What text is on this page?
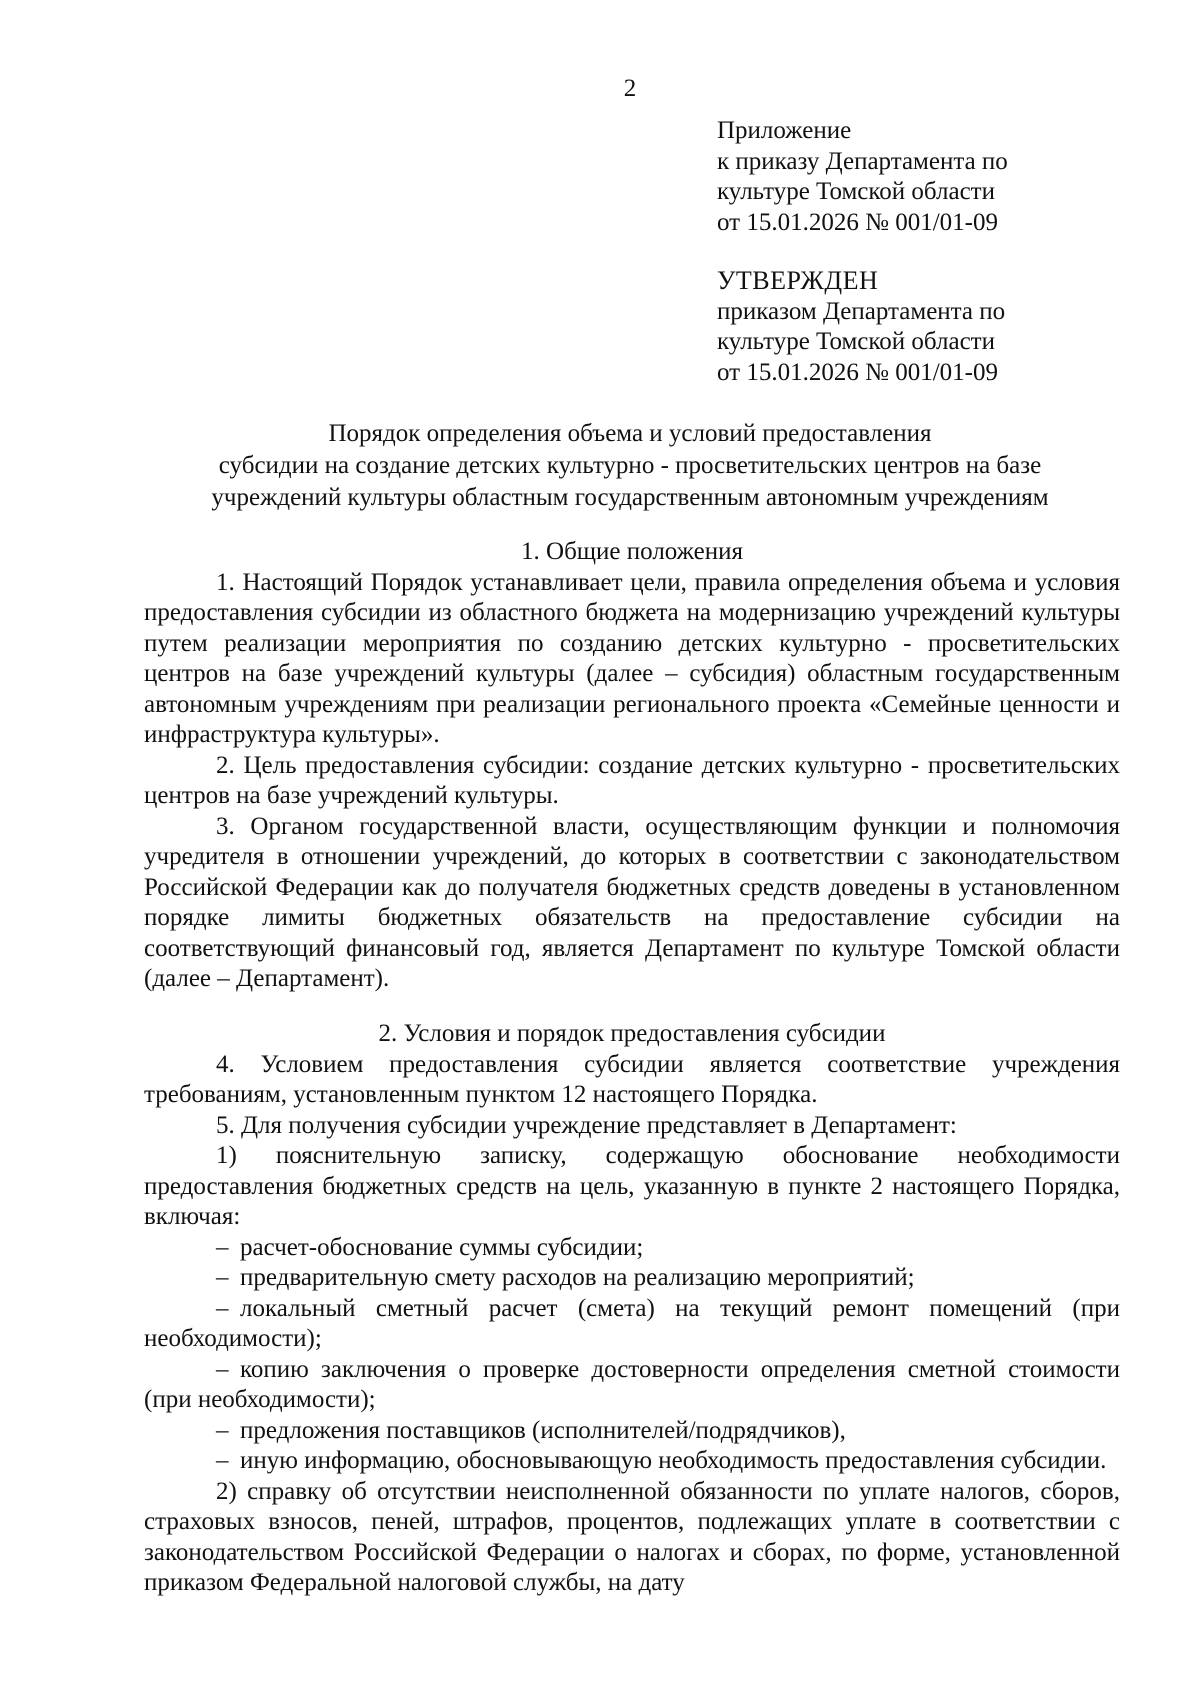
2
Приложение
к приказу Департамента по
культуре Томской области
от 15.01.2026 № 001/01-09
УТВЕРЖДЕН
приказом Департамента по
культуре Томской области
от 15.01.2026 № 001/01-09
Порядок определения объема и условий предоставления
субсидии на создание детских культурно - просветительских центров на базе
учреждений культуры областным государственным автономным учреждениям

1. Общие положения

1. Настоящий Порядок устанавливает цели, правила определения объема и условия предоставления субсидии из областного бюджета на модернизацию учреждений культуры путем реализации мероприятия по созданию детских культурно - просветительских центров на базе учреждений культуры (далее – субсидия) областным государственным автономным учреждениям при реализации регионального проекта «Семейные ценности и инфраструктура культуры».

2. Цель предоставления субсидии: создание детских культурно - просветительских центров на базе учреждений культуры.

3. Органом государственной власти, осуществляющим функции и полномочия учредителя в отношении учреждений, до которых в соответствии с законодательством Российской Федерации как до получателя бюджетных средств доведены в установленном порядке лимиты бюджетных обязательств на предоставление субсидии на соответствующий финансовый год, является Департамент по культуре Томской области (далее – Департамент).

2. Условия и порядок предоставления субсидии

4. Условием предоставления субсидии является соответствие учреждения требованиям, установленным пунктом 12 настоящего Порядка.

5. Для получения субсидии учреждение представляет в Департамент:

1) пояснительную записку, содержащую обоснование необходимости предоставления бюджетных средств на цель, указанную в пункте 2 настоящего Порядка, включая:

– расчет-обоснование суммы субсидии;

– предварительную смету расходов на реализацию мероприятий;

– локальный сметный расчет (смета) на текущий ремонт помещений (при необходимости);

– копию заключения о проверке достоверности определения сметной стоимости (при необходимости);

– предложения поставщиков (исполнителей/подрядчиков),

– иную информацию, обосновывающую необходимость предоставления субсидии.

2) справку об отсутствии неисполненной обязанности по уплате налогов, сборов, страховых взносов, пеней, штрафов, процентов, подлежащих уплате в соответствии с законодательством Российской Федерации о налогах и сборах, по форме, установленной приказом Федеральной налоговой службы, на дату
